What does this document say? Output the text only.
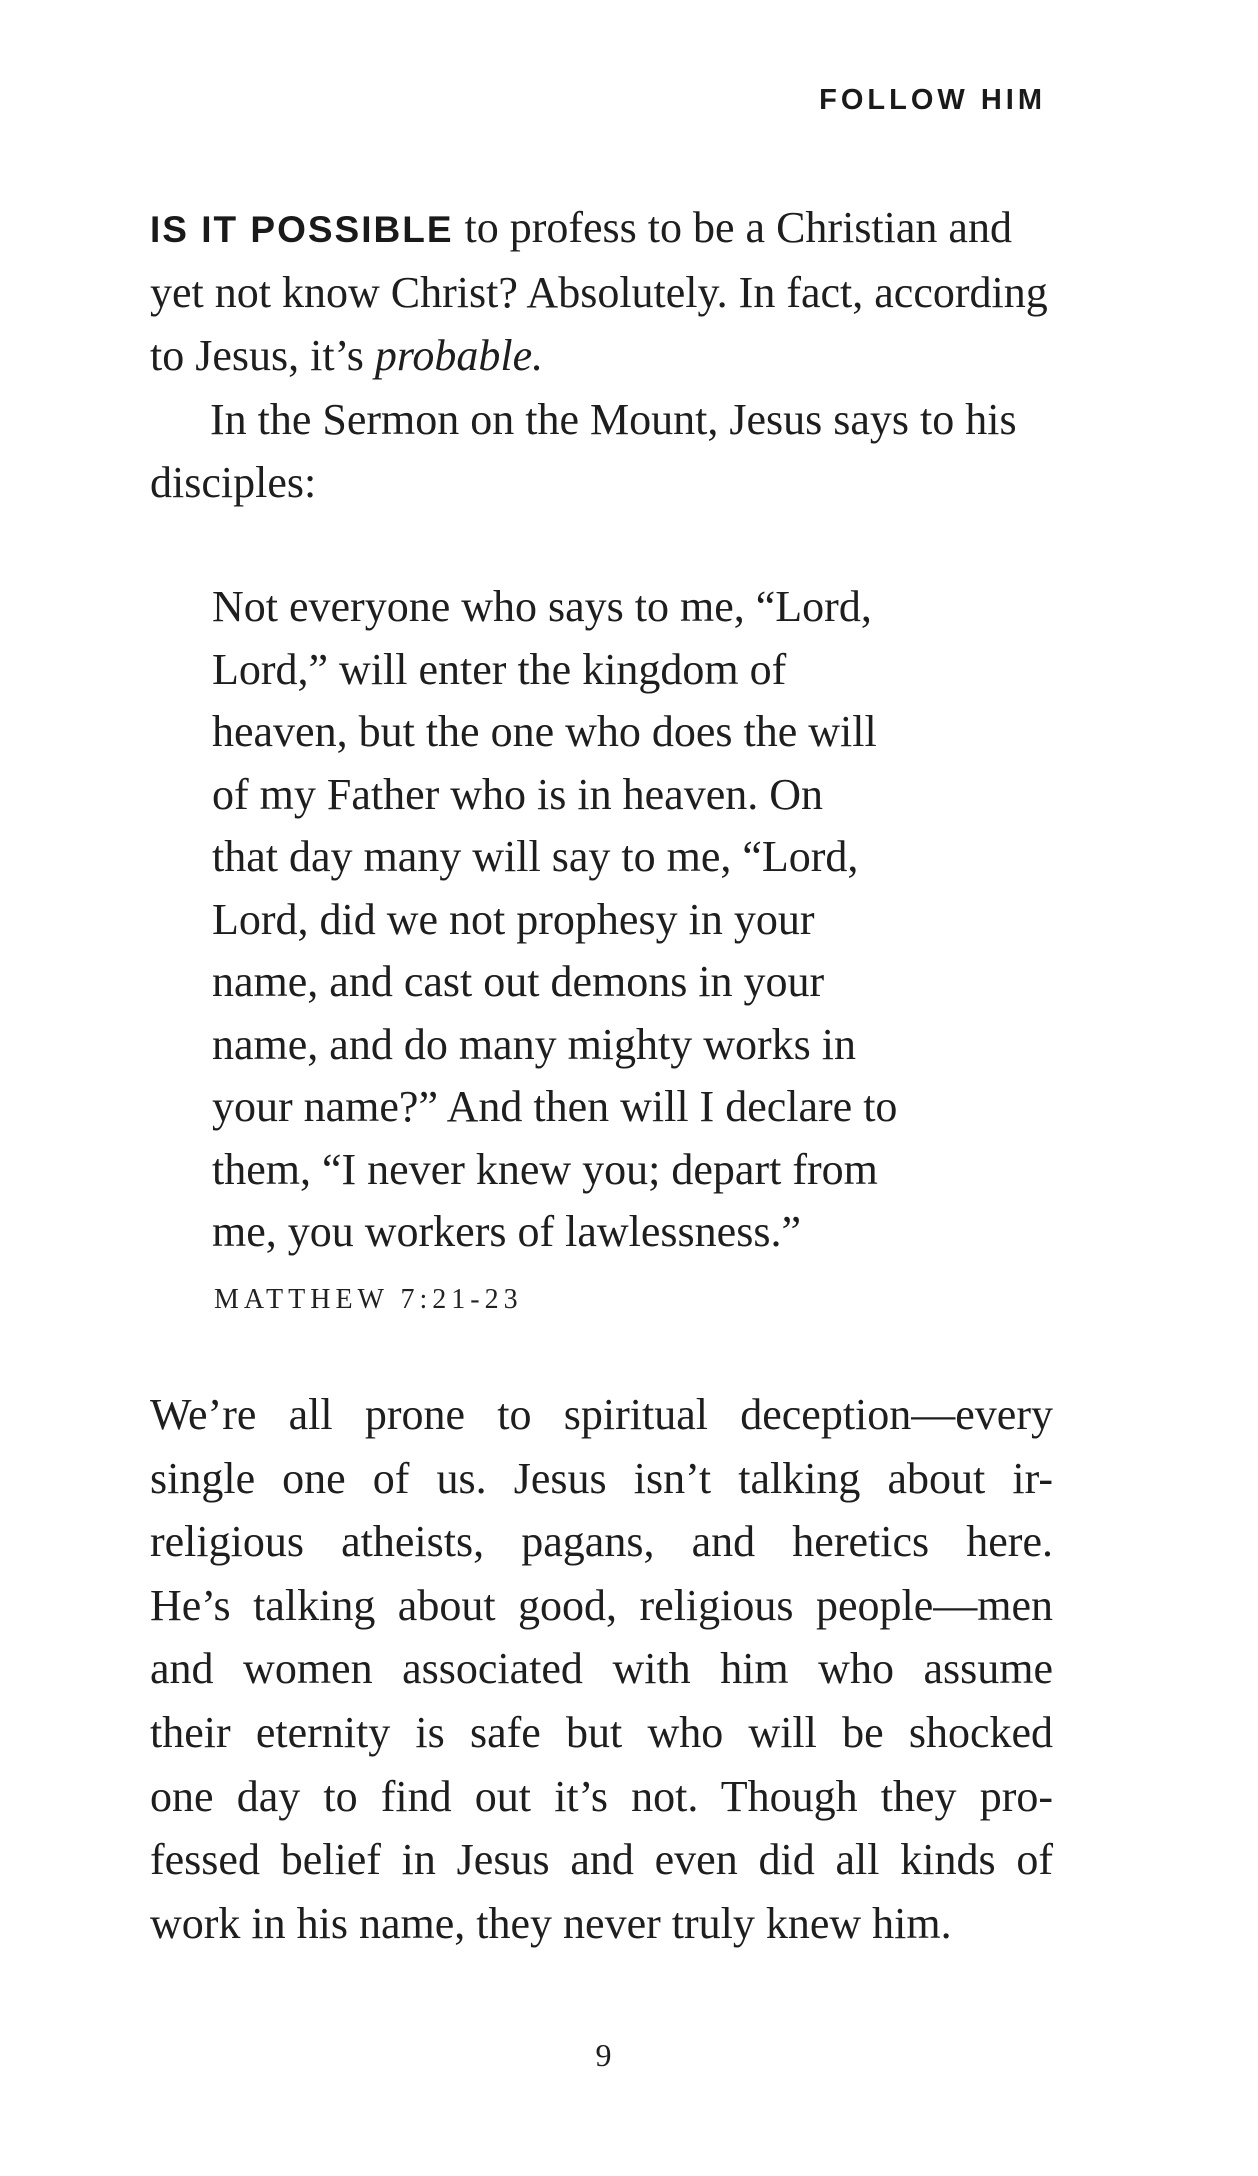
FOLLOW HIM

IS IT POSSIBLE to profess to be a Christian and yet not know Christ? Absolutely. In fact, according to Jesus, it’s probable.

In the Sermon on the Mount, Jesus says to his disciples:

Not everyone who says to me, “Lord,
Lord,” will enter the kingdom of
heaven, but the one who does the will
of my Father who is in heaven. On
that day many will say to me, “Lord,
Lord, did we not prophesy in your
name, and cast out demons in your
name, and do many mighty works in
your name?” And then will I declare to
them, “I never knew you; depart from
me, you workers of lawlessness.”

MATTHEW 7:21-23

We’re all prone to spiritual deception—every
single one of us. Jesus isn’t talking about ir-
religious atheists, pagans, and heretics here.
He’s talking about good, religious people—men
and women associated with him who assume
their eternity is safe but who will be shocked
one day to find out it’s not. Though they pro-
fessed belief in Jesus and even did all kinds of
work in his name, they never truly knew him.

9
